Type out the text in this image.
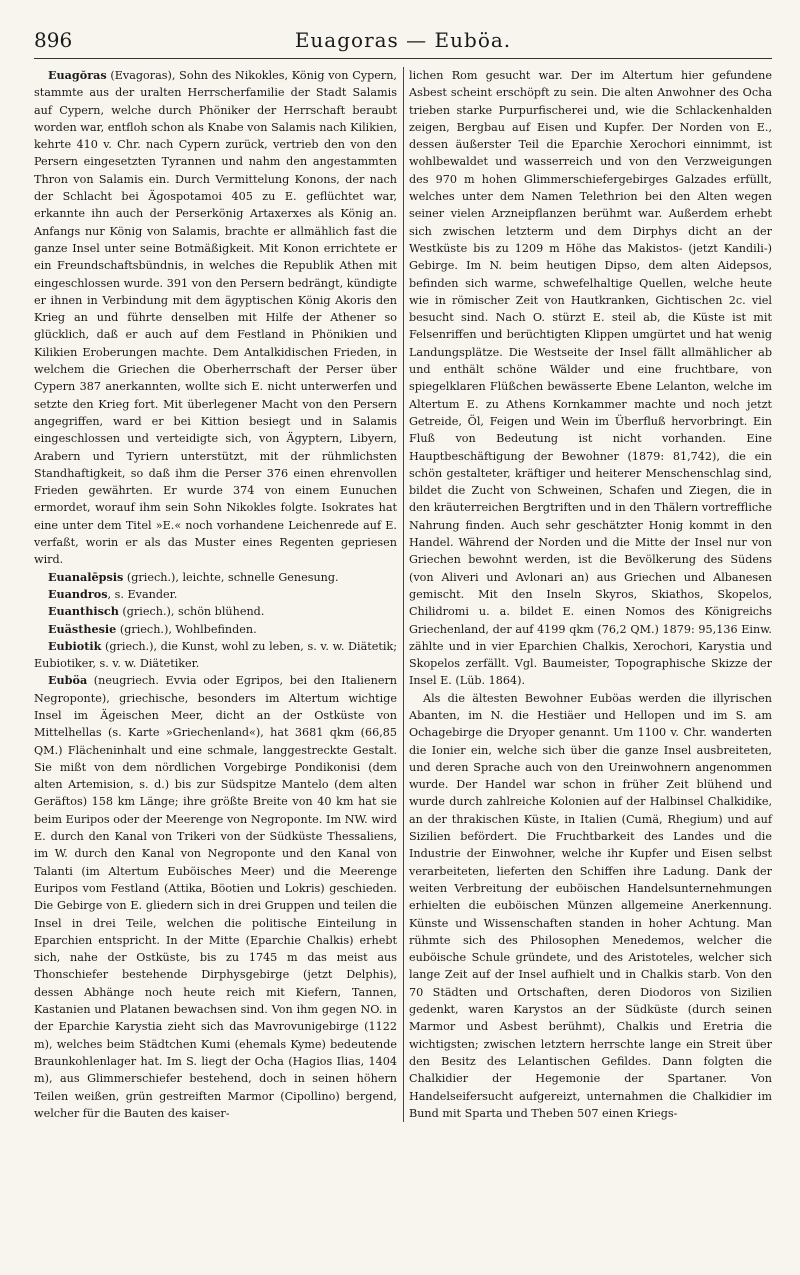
896	Euagoras — Euböa.

Euagŏras (Evagoras), Sohn des Nikokles, König von Cypern, stammte aus der uralten Herrscherfamilie der Stadt Salamis auf Cypern, welche durch Phöniker der Herrschaft beraubt worden war, entfloh schon als Knabe von Salamis nach Kilikien, kehrte 410 v. Chr. nach Cypern zurück, vertrieb den von den Persern eingesetzten Tyrannen und nahm den angestammten Thron von Salamis ein. Durch Vermittelung Konons, der nach der Schlacht bei Ägospotamoi 405 zu E. geflüchtet war, erkannte ihn auch der Perserkönig Artaxerxes als König an. Anfangs nur König von Salamis, brachte er allmählich fast die ganze Insel unter seine Botmäßigkeit. Mit Konon errichtete er ein Freundschaftsbündnis, in welches die Republik Athen mit eingeschlossen wurde. 391 von den Persern bedrängt, kündigte er ihnen in Verbindung mit dem ägyptischen König Akoris den Krieg an und führte denselben mit Hilfe der Athener so glücklich, daß er auch auf dem Festland in Phönikien und Kilikien Eroberungen machte. Dem Antalkidischen Frieden, in welchem die Griechen die Oberherrschaft der Perser über Cypern 387 anerkannten, wollte sich E. nicht unterwerfen und setzte den Krieg fort. Mit überlegener Macht von den Persern angegriffen, ward er bei Kittion besiegt und in Salamis eingeschlossen und verteidigte sich, von Ägyptern, Libyern, Arabern und Tyriern unterstützt, mit der rühmlichsten Standhaftigkeit, so daß ihm die Perser 376 einen ehrenvollen Frieden gewährten. Er wurde 374 von einem Eunuchen ermordet, worauf ihm sein Sohn Nikokles folgte. Isokrates hat eine unter dem Titel »E.« noch vorhandene Leichenrede auf E. verfaßt, worin er als das Muster eines Regenten gepriesen wird.

Euanalēpsis (griech.), leichte, schnelle Genesung.

Euandros, s. Evander.

Euanthisch (griech.), schön blühend.

Euästhesie (griech.), Wohlbefinden.

Eubiotik (griech.), die Kunst, wohl zu leben, s. v. w. Diätetik; Eubiotiker, s. v. w. Diätetiker.

Euböa (neugriech. Evvia oder Egripos, bei den Italienern Negroponte), griechische, besonders im Altertum wichtige Insel im Ägeischen Meer, dicht an der Ostküste von Mittelhellas (s. Karte »Griechenland«), hat 3681 qkm (66,85 QM.) Flächeninhalt und eine schmale, langgestreckte Gestalt. Sie mißt von dem nördlichen Vorgebirge Pondikonisi (dem alten Artemision, s. d.) bis zur Südspitze Mantelo (dem alten Geräftos) 158 km Länge; ihre größte Breite von 40 km hat sie beim Euripos oder der Meerenge von Negroponte. Im NW. wird E. durch den Kanal von Trikeri von der Südküste Thessaliens, im W. durch den Kanal von Negroponte und den Kanal von Talanti (im Altertum Euböisches Meer) und die Meerenge Euripos vom Festland (Attika, Böotien und Lokris) geschieden. Die Gebirge von E. gliedern sich in drei Gruppen und teilen die Insel in drei Teile, welchen die politische Einteilung in Eparchien entspricht. In der Mitte (Eparchie Chalkis) erhebt sich, nahe der Ostküste, bis zu 1745 m das meist aus Thonschiefer bestehende Dirphysgebirge (jetzt Delphis), dessen Abhänge noch heute reich mit Kiefern, Tannen, Kastanien und Platanen bewachsen sind. Von ihm gegen NO. in der Eparchie Karystia zieht sich das Mavrovunigebirge (1122 m), welches beim Städtchen Kumi (ehemals Kyme) bedeutende Braunkohlenlager hat. Im S. liegt der Ocha (Hagios Ilias, 1404 m), aus Glimmerschiefer bestehend, doch in seinen höhern Teilen weißen, grün gestreiften Marmor (Cipollino) bergend, welcher für die Bauten des kaiser-

lichen Rom gesucht war. Der im Altertum hier gefundene Asbest scheint erschöpft zu sein. Die alten Anwohner des Ocha trieben starke Purpurfischerei und, wie die Schlackenhalden zeigen, Bergbau auf Eisen und Kupfer. Der Norden von E., dessen äußerster Teil die Eparchie Xerochori einnimmt, ist wohlbewaldet und wasserreich und von den Verzweigungen des 970 m hohen Glimmerschiefergebirges Galzades erfüllt, welches unter dem Namen Telethrion bei den Alten wegen seiner vielen Arzneipflanzen berühmt war. Außerdem erhebt sich zwischen letzterm und dem Dirphys dicht an der Westküste bis zu 1209 m Höhe das Makistos- (jetzt Kandili-) Gebirge. Im N. beim heutigen Dipso, dem alten Aidepsos, befinden sich warme, schwefelhaltige Quellen, welche heute wie in römischer Zeit von Hautkranken, Gichtischen 2c. viel besucht sind. Nach O. stürzt E. steil ab, die Küste ist mit Felsenriffen und berüchtigten Klippen umgürtet und hat wenig Landungsplätze. Die Westseite der Insel fällt allmählicher ab und enthält schöne Wälder und eine fruchtbare, von spiegelklaren Flüßchen bewässerte Ebene Lelanton, welche im Altertum E. zu Athens Kornkammer machte und noch jetzt Getreide, Öl, Feigen und Wein im Überfluß hervorbringt. Ein Fluß von Bedeutung ist nicht vorhanden. Eine Hauptbeschäftigung der Bewohner (1879: 81,742), die ein schön gestalteter, kräftiger und heiterer Menschenschlag sind, bildet die Zucht von Schweinen, Schafen und Ziegen, die in den kräuterreichen Bergtriften und in den Thälern vortreffliche Nahrung finden. Auch sehr geschätzter Honig kommt in den Handel. Während der Norden und die Mitte der Insel nur von Griechen bewohnt werden, ist die Bevölkerung des Südens (von Aliveri und Avlonari an) aus Griechen und Albanesen gemischt. Mit den Inseln Skyros, Skiathos, Skopelos, Chilidromi u. a. bildet E. einen Nomos des Königreichs Griechenland, der auf 4199 qkm (76,2 QM.) 1879: 95,136 Einw. zählte und in vier Eparchien Chalkis, Xerochori, Karystia und Skopelos zerfällt. Vgl. Baumeister, Topographische Skizze der Insel E. (Lüb. 1864).

Als die ältesten Bewohner Euböas werden die illyrischen Abanten, im N. die Hestiäer und Hellopen und im S. am Ochagebirge die Dryoper genannt. Um 1100 v. Chr. wanderten die Ionier ein, welche sich über die ganze Insel ausbreiteten, und deren Sprache auch von den Ureinwohnern angenommen wurde. Der Handel war schon in früher Zeit blühend und wurde durch zahlreiche Kolonien auf der Halbinsel Chalkidike, an der thrakischen Küste, in Italien (Cumä, Rhegium) und auf Sizilien befördert. Die Fruchtbarkeit des Landes und die Industrie der Einwohner, welche ihr Kupfer und Eisen selbst verarbeiteten, lieferten den Schiffen ihre Ladung. Dank der weiten Verbreitung der euböischen Handelsunternehmungen erhielten die euböischen Münzen allgemeine Anerkennung. Künste und Wissenschaften standen in hoher Achtung. Man rühmte sich des Philosophen Menedemos, welcher die euböische Schule gründete, und des Aristoteles, welcher sich lange Zeit auf der Insel aufhielt und in Chalkis starb. Von den 70 Städten und Ortschaften, deren Diodoros von Sizilien gedenkt, waren Karystos an der Südküste (durch seinen Marmor und Asbest berühmt), Chalkis und Eretria die wichtigsten; zwischen letztern herrschte lange ein Streit über den Besitz des Lelantischen Gefildes. Dann folgten die Chalkidier der Hegemonie der Spartaner. Von Handelseifersucht aufgereizt, unternahmen die Chalkidier im Bund mit Sparta und Theben 507 einen Kriegs-
